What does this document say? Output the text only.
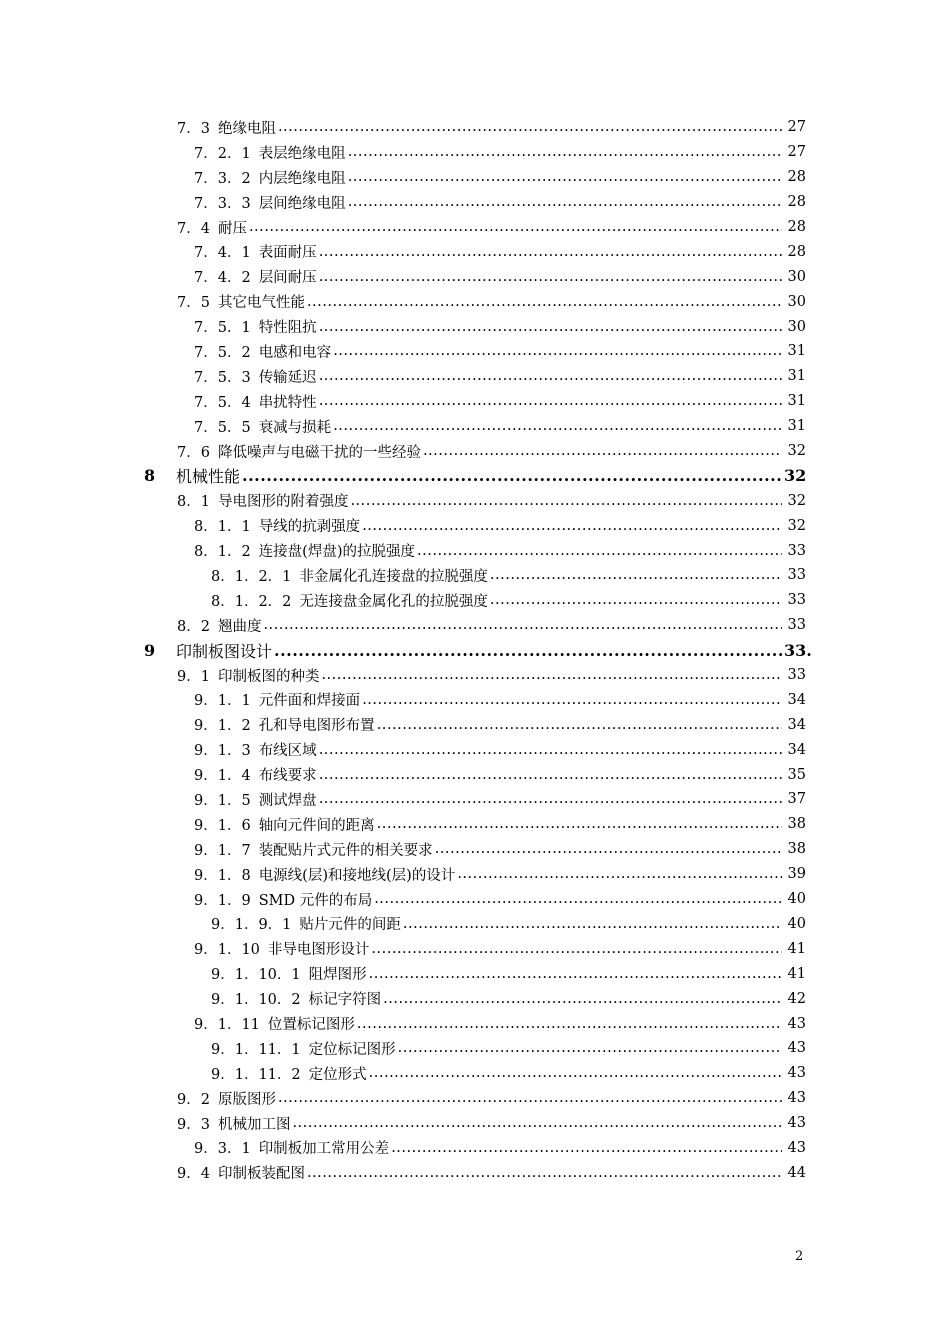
7．3 绝缘电阻 .....	27
7．2．1 表层绝缘电阻 .....	27
7．3．2 内层绝缘电阻 .....	28
7．3．3 层间绝缘电阻 .....	28
7．4 耐压 .....	28
7．4．1 表面耐压 .....	28
7．4．2 层间耐压 .....	30
7．5 其它电气性能 .....	30
7．5．1 特性阻抗 .....	30
7．5．2 电感和电容 .....	31
7．5．3 传输延迟 .....	31
7．5．4 串扰特性 .....	31
7．5．5 衰减与损耗 .....	31
7．6 降低噪声与电磁干扰的一些经验 .....	32
8	机械性能 .....	32
8．1 导电图形的附着强度 .....	32
8．1．1 导线的抗剥强度 .....	32
8．1．2 连接盘(焊盘)的拉脱强度 .....	33
8．1．2．1 非金属化孔连接盘的拉脱强度 .....	33
8．1．2．2 无连接盘金属化孔的拉脱强度 .....	33
8．2 翘曲度 .....	33
9	印制板图设计 .....	33.
9．1 印制板图的种类 .....	33
9．1．1 元件面和焊接面 .....	34
9．1．2 孔和导电图形布置 .....	34
9．1．3 布线区域 .....	34
9．1．4 布线要求 .....	35
9．1．5 测试焊盘 .....	37
9．1．6 轴向元件间的距离 .....	38
9．1．7 装配贴片式元件的相关要求 .....	38
9．1．8 电源线(层)和接地线(层)的设计 .....	39
9．1．9 SMD 元件的布局 .....	40
9．1．9．1 贴片元件的间距 .....	40
9．1．10 非导电图形设计 .....	41
9．1．10．1 阻焊图形 .....	41
9．1．10．2 标记字符图 .....	42
9．1．11 位置标记图形 .....	43
9．1．11．1 定位标记图形 .....	43
9．1．11．2 定位形式 .....	43
9．2 原版图形 .....	43
9．3 机械加工图 .....	43
9．3．1 印制板加工常用公差 .....	43
9．4 印制板装配图 .....	44
2
